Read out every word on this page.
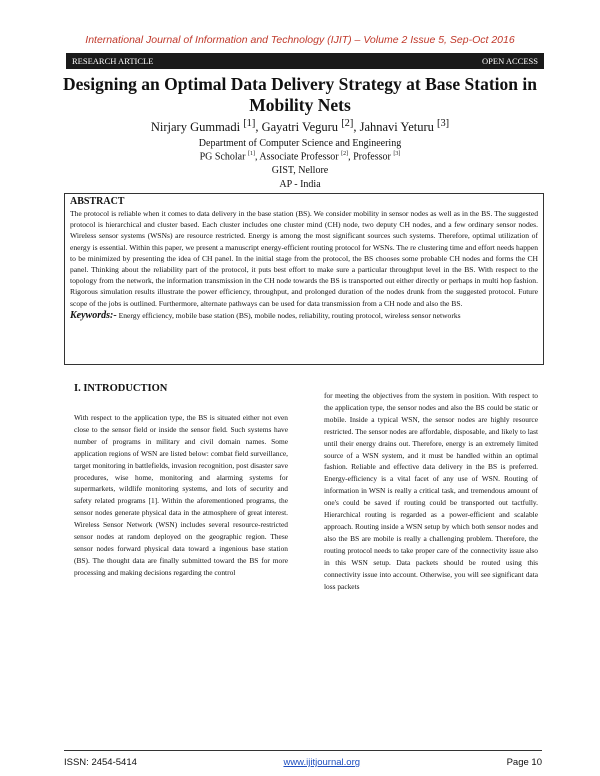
International Journal of Information and Technology (IJIT) – Volume 2 Issue 5, Sep-Oct 2016
RESEARCH ARTICLE	OPEN ACCESS
Designing an Optimal Data Delivery Strategy at Base Station in Mobility Nets
Nirjary Gummadi [1], Gayatri Veguru [2], Jahnavi Yeturu [3]
Department of Computer Science and Engineering
PG Scholar [1], Associate Professor [2], Professor [3]
GIST, Nellore
AP - India
ABSTRACT
The protocol is reliable when it comes to data delivery in the base station (BS). We consider mobility in sensor nodes as well as in the BS. The suggested protocol is hierarchical and cluster based. Each cluster includes one cluster mind (CH) node, two deputy CH nodes, and a few ordinary sensor nodes. Wireless sensor systems (WSNs) are resource restricted. Energy is among the most significant sources such systems. Therefore, optimal utilization of energy is essential. Within this paper, we present a manuscript energy-efficient routing protocol for WSNs. The re clustering time and effort needs happen to be minimized by presenting the idea of CH panel. In the initial stage from the protocol, the BS chooses some probable CH nodes and forms the CH panel. Thinking about the reliability part of the protocol, it puts best effort to make sure a particular throughput level in the BS. With respect to the topology from the network, the information transmission in the CH node towards the BS is transported out either directly or perhaps in multi hop fashion. Rigorous simulation results illustrate the power efficiency, throughput, and prolonged duration of the nodes drunk from the suggested protocol. Future scope of the jobs is outlined. Furthermore, alternate pathways can be used for data transmission from a CH node and also the BS.
Keywords:- Energy efficiency, mobile base station (BS), mobile nodes, reliability, routing protocol, wireless sensor networks
I. INTRODUCTION
With respect to the application type, the BS is situated either not even close to the sensor field or inside the sensor field. Such systems have number of programs in military and civil domain names. Some application regions of WSN are listed below: combat field surveillance, target monitoring in battlefields, invasion recognition, post disaster save procedures, wise home, monitoring and alarming systems for supermarkets, wildlife monitoring systems, and lots of security and safety related programs [1]. Within the aforementioned programs, the sensor nodes generate physical data in the atmosphere of great interest. Wireless Sensor Network (WSN) includes several resource-restricted sensor nodes at random deployed on the geographic region. These sensor nodes forward physical data toward a ingenious base station (BS). The thought data are finally submitted toward the BS for more processing and making decisions regarding the control
for meeting the objectives from the system in position. With respect to the application type, the sensor nodes and also the BS could be static or mobile. Inside a typical WSN, the sensor nodes are highly resource restricted. The sensor nodes are affordable, disposable, and likely to last until their energy drains out. Therefore, energy is an extremely limited source of a WSN system, and it must be handled within an optimal fashion. Reliable and effective data delivery in the BS is preferred. Energy-efficiency is a vital facet of any use of WSN. Routing of information in WSN is really a critical task, and tremendous amount of one's could be saved if routing could be transported out tactfully. Hierarchical routing is regarded as a power-efficient and scalable approach. Routing inside a WSN setup by which both sensor nodes and also the BS are mobile is really a challenging problem. Therefore, the routing protocol needs to take proper care of the connectivity issue also in this WSN setup. Data packets should be routed using this connectivity issue into account. Otherwise, you will see significant data loss packets
ISSN: 2454-5414	www.ijitjournal.org	Page 10
